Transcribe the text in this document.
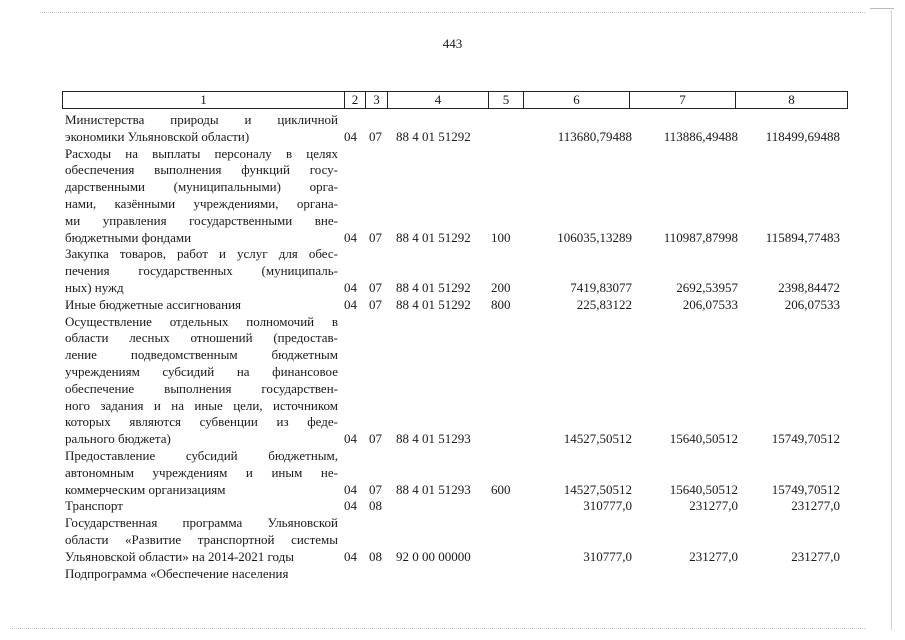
443
1	2	3	4	5	6	7	8
Министерства природы и цикличной
экономики Ульяновской области)	04 07	88 4 01 51292	113680,79488	113886,49488	118499,69488
Расходы на выплаты персоналу в целях
обеспечения выполнения функций госу-
дарственными (муниципальными) орга-
нами, казёнными учреждениями, органа-
ми управления государственными вне-
бюджетными фондами	04 07	88 4 01 51292	100	106035,13289	110987,87998	115894,77483
Закупка товаров, работ и услуг для обес-
печения государственных (муниципаль-
ных) нужд	04 07	88 4 01 51292	200	7419,83077	2692,53957	2398,84472
Иные бюджетные ассигнования	04 07	88 4 01 51292	800	225,83122	206,07533	206,07533
Осуществление отдельных полномочий в
области лесных отношений (предостав-
ление подведомственным бюджетным
учреждениям субсидий на финансовое
обеспечение выполнения государствен-
ного задания и на иные цели, источником
которых являются субвенции из феде-
рального бюджета)	04 07	88 4 01 51293	14527,50512	15640,50512	15749,70512
Предоставление субсидий бюджетным,
автономным учреждениям и иным не-
коммерческим организациям	04 07	88 4 01 51293	600	14527,50512	15640,50512	15749,70512
Транспорт	04 08	310777,0	231277,0	231277,0
Государственная программа Ульяновской
области «Развитие транспортной системы
Ульяновской области» на 2014-2021 годы	04 08	92 0 00 00000	310777,0	231277,0	231277,0
Подпрограмма «Обеспечение населения
